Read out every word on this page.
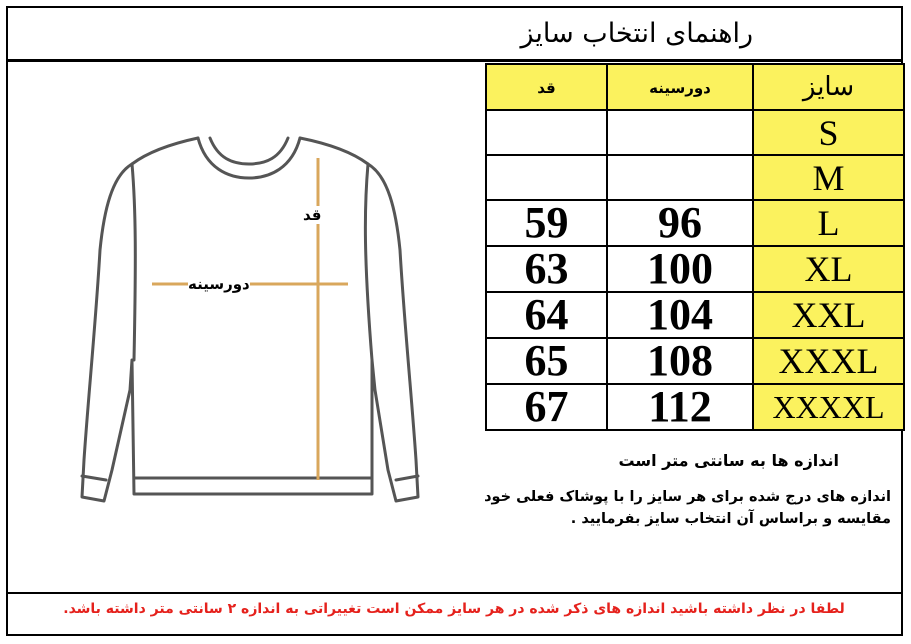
راهنمای انتخاب سایز
قد
دورسینه
قد	دورسینه	سایز
		S
		M
59	96	L
63	100	XL
64	104	XXL
65	108	XXXL
67	112	XXXXL
اندازه ها به سانتی متر است
اندازه های درج شده برای هر سایز را با پوشاک فعلی خود مقایسه و براساس آن انتخاب سایز بفرمایید .
لطفا در نظر داشته باشید اندازه های ذکر شده در هر سایز ممکن است تغییراتی به اندازه ۲ سانتی متر داشته باشد.
